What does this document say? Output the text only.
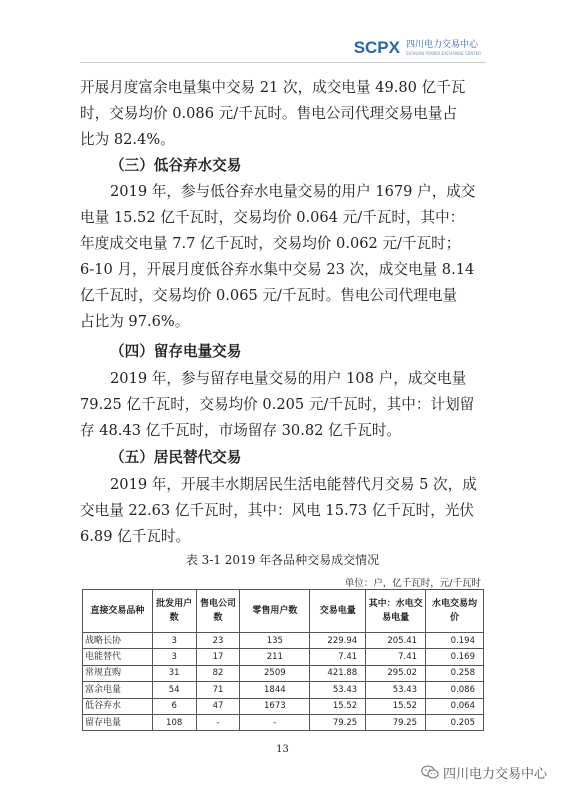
SCPX 四川电力交易中心
SICHUAN POWER EXCHANGE CENTER
开展月度富余电量集中交易 21 次，成交电量 49.80 亿千瓦
时，交易均价 0.086 元/千瓦时。售电公司代理交易电量占
比为 82.4%。
（三）低谷弃水交易
2019 年，参与低谷弃水电量交易的用户 1679 户，成交
电量 15.52 亿千瓦时，交易均价 0.064 元/千瓦时，其中：
年度成交电量 7.7 亿千瓦时，交易均价 0.062 元/千瓦时；
6-10 月，开展月度低谷弃水集中交易 23 次，成交电量 8.14
亿千瓦时，交易均价 0.065 元/千瓦时。售电公司代理电量
占比为 97.6%。
（四）留存电量交易
2019 年，参与留存电量交易的用户 108 户，成交电量
79.25 亿千瓦时，交易均价 0.205 元/千瓦时，其中：计划留
存 48.43 亿千瓦时，市场留存 30.82 亿千瓦时。
（五）居民替代交易
2019 年，开展丰水期居民生活电能替代月交易 5 次，成
交电量 22.63 亿千瓦时，其中：风电 15.73 亿千瓦时，光伏
6.89 亿千瓦时。
表 3-1 2019 年各品种交易成交情况
单位：户，亿千瓦时，元/千瓦时
直接交易品种	批发用户数	售电公司数	零售用户数	交易电量	其中：水电交易电量	水电交易均价
战略长协	3	23	135	229.94	205.41	0.194
电能替代	3	17	211	7.41	7.41	0.169
常规直购	31	82	2509	421.88	295.02	0.258
富余电量	54	71	1844	53.43	53.43	0.086
低谷弃水	6	47	1673	15.52	15.52	0.064
留存电量	108	-	-	79.25	79.25	0.205
13
四川电力交易中心
